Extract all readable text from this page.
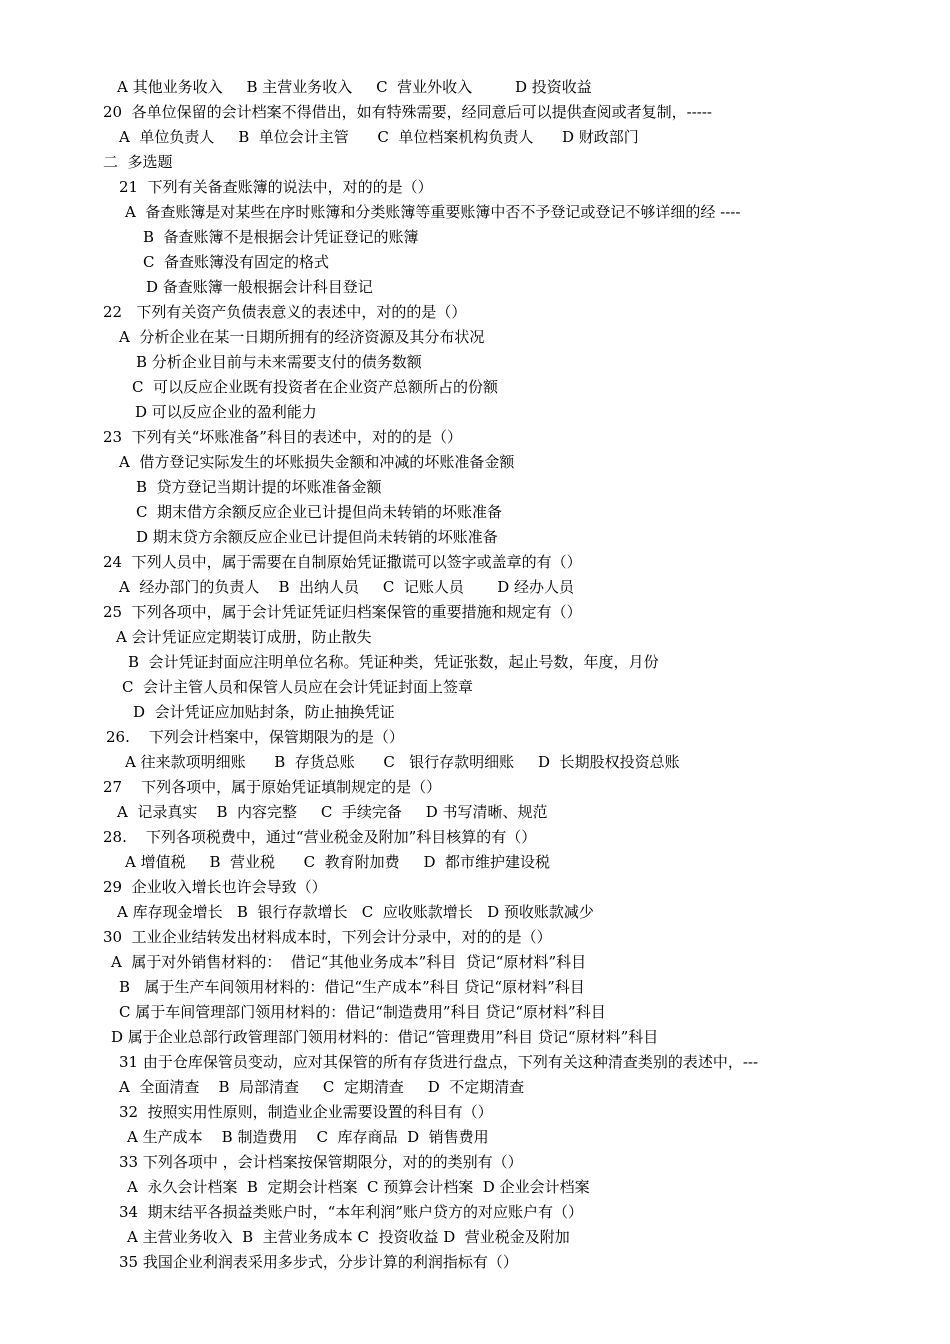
A 其他业务收入     B 主营业务收入     C  营业外收入         D 投资收益
20  各单位保留的会计档案不得借出，如有特殊需要，经同意后可以提供查阅或者复制，-----
A  单位负责人     B  单位会计主管      C  单位档案机构负责人      D 财政部门
二  多选题
21  下列有关备查账簿的说法中，对的的是（）
A  备查账簿是对某些在序时账簿和分类账簿等重要账簿中否不予登记或登记不够详细的经 ----
B  备查账簿不是根据会计凭证登记的账簿
C  备查账簿没有固定的格式
D 备查账簿一般根据会计科目登记
22   下列有关资产负债表意义的表述中，对的的是（）
A  分析企业在某一日期所拥有的经济资源及其分布状况
B 分析企业目前与未来需要支付的债务数额
C  可以反应企业既有投资者在企业资产总额所占的份额
D 可以反应企业的盈利能力
23  下列有关“坏账准备”科目的表述中，对的的是（）
A  借方登记实际发生的坏账损失金额和冲减的坏账准备金额
B  贷方登记当期计提的坏账准备金额
C  期末借方余额反应企业已计提但尚未转销的坏账准备
D 期末贷方余额反应企业已计提但尚未转销的坏账准备
24  下列人员中，属于需要在自制原始凭证撒谎可以签字或盖章的有（）
A  经办部门的负责人    B  出纳人员     C  记账人员       D 经办人员
25  下列各项中，属于会计凭证凭证归档案保管的重要措施和规定有（）
A 会计凭证应定期装订成册，防止散失
B  会计凭证封面应注明单位名称。凭证种类，凭证张数，起止号数，年度，月份
C  会计主管人员和保管人员应在会计凭证封面上签章
D  会计凭证应加贴封条，防止抽换凭证
26.    下列会计档案中，保管期限为的是（）
A 往来款项明细账      B  存货总账      C   银行存款明细账     D  长期股权投资总账
27    下列各项中，属于原始凭证填制规定的是（）
A  记录真实    B  内容完整     C  手续完备     D 书写清晰、规范
28.    下列各项税费中，通过“营业税金及附加”科目核算的有（）
A 增值税     B  营业税      C  教育附加费     D  都市维护建设税
29  企业收入增长也许会导致（）
A 库存现金增长   B  银行存款增长   C  应收账款增长   D 预收账款减少
30  工业企业结转发出材料成本时，下列会计分录中，对的的是（）
A  属于对外销售材料的：  借记“其他业务成本”科目  贷记“原材料”科目
B   属于生产车间领用材料的：借记“生产成本”科目 贷记“原材料”科目
C 属于车间管理部门领用材料的：借记“制造费用”科目 贷记“原材料”科目
D 属于企业总部行政管理部门领用材料的：借记“管理费用”科目 贷记“原材料”科目
31 由于仓库保管员变动，应对其保管的所有存货进行盘点，下列有关这种清查类别的表述中，---
A  全面清查    B  局部清查     C  定期清查     D  不定期清查
32  按照实用性原则，制造业企业需要设置的科目有（）
A 生产成本    B 制造费用    C  库存商品  D  销售费用
33 下列各项中 ，会计档案按保管期限分，对的的类别有（）
A  永久会计档案  B  定期会计档案  C 预算会计档案  D 企业会计档案
34  期末结平各损益类账户时，“本年利润”账户贷方的对应账户有（）
A 主营业务收入  B  主营业务成本 C  投资收益 D  营业税金及附加
35 我国企业利润表采用多步式，分步计算的利润指标有（）
